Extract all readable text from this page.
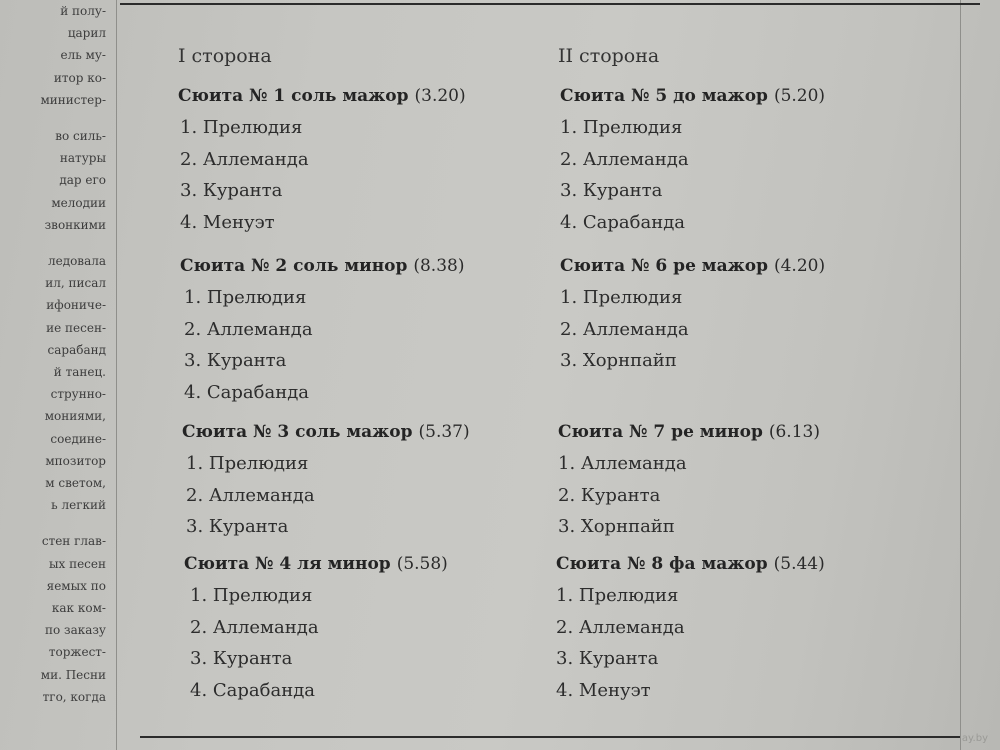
й полу-
царил
ель му-
итор ко-
министер-
во силь-
натуры
дар его
мелодии
звонкими
ледовала
ил, писал
ифониче-
ие песен-
сарабанд
й танец.
струнно-
мониями,
соедине-
мпозитор
м светом,
ь легкий
стен глав-
ых песен
яемых по
как ком-
по заказу
торжест-
ми. Песни
тго, когда
I сторона	II сторона
Сюита № 1 соль мажор (3.20)
1. Прелюдия
2. Аллеманда
3. Куранта
4. Менуэт
Сюита № 2 соль минор (8.38)
1. Прелюдия
2. Аллеманда
3. Куранта
4. Сарабанда
Сюита № 3 соль мажор (5.37)
1. Прелюдия
2. Аллеманда
3. Куранта
Сюита № 4 ля минор (5.58)
1. Прелюдия
2. Аллеманда
3. Куранта
4. Сарабанда
Сюита № 5 до мажор (5.20)
1. Прелюдия
2. Аллеманда
3. Куранта
4. Сарабанда
Сюита № 6 ре мажор (4.20)
1. Прелюдия
2. Аллеманда
3. Хорнпайп
Сюита № 7 ре минор (6.13)
1. Аллеманда
2. Куранта
3. Хорнпайп
Сюита № 8 фа мажор (5.44)
1. Прелюдия
2. Аллеманда
3. Куранта
4. Менуэт
ay.by
